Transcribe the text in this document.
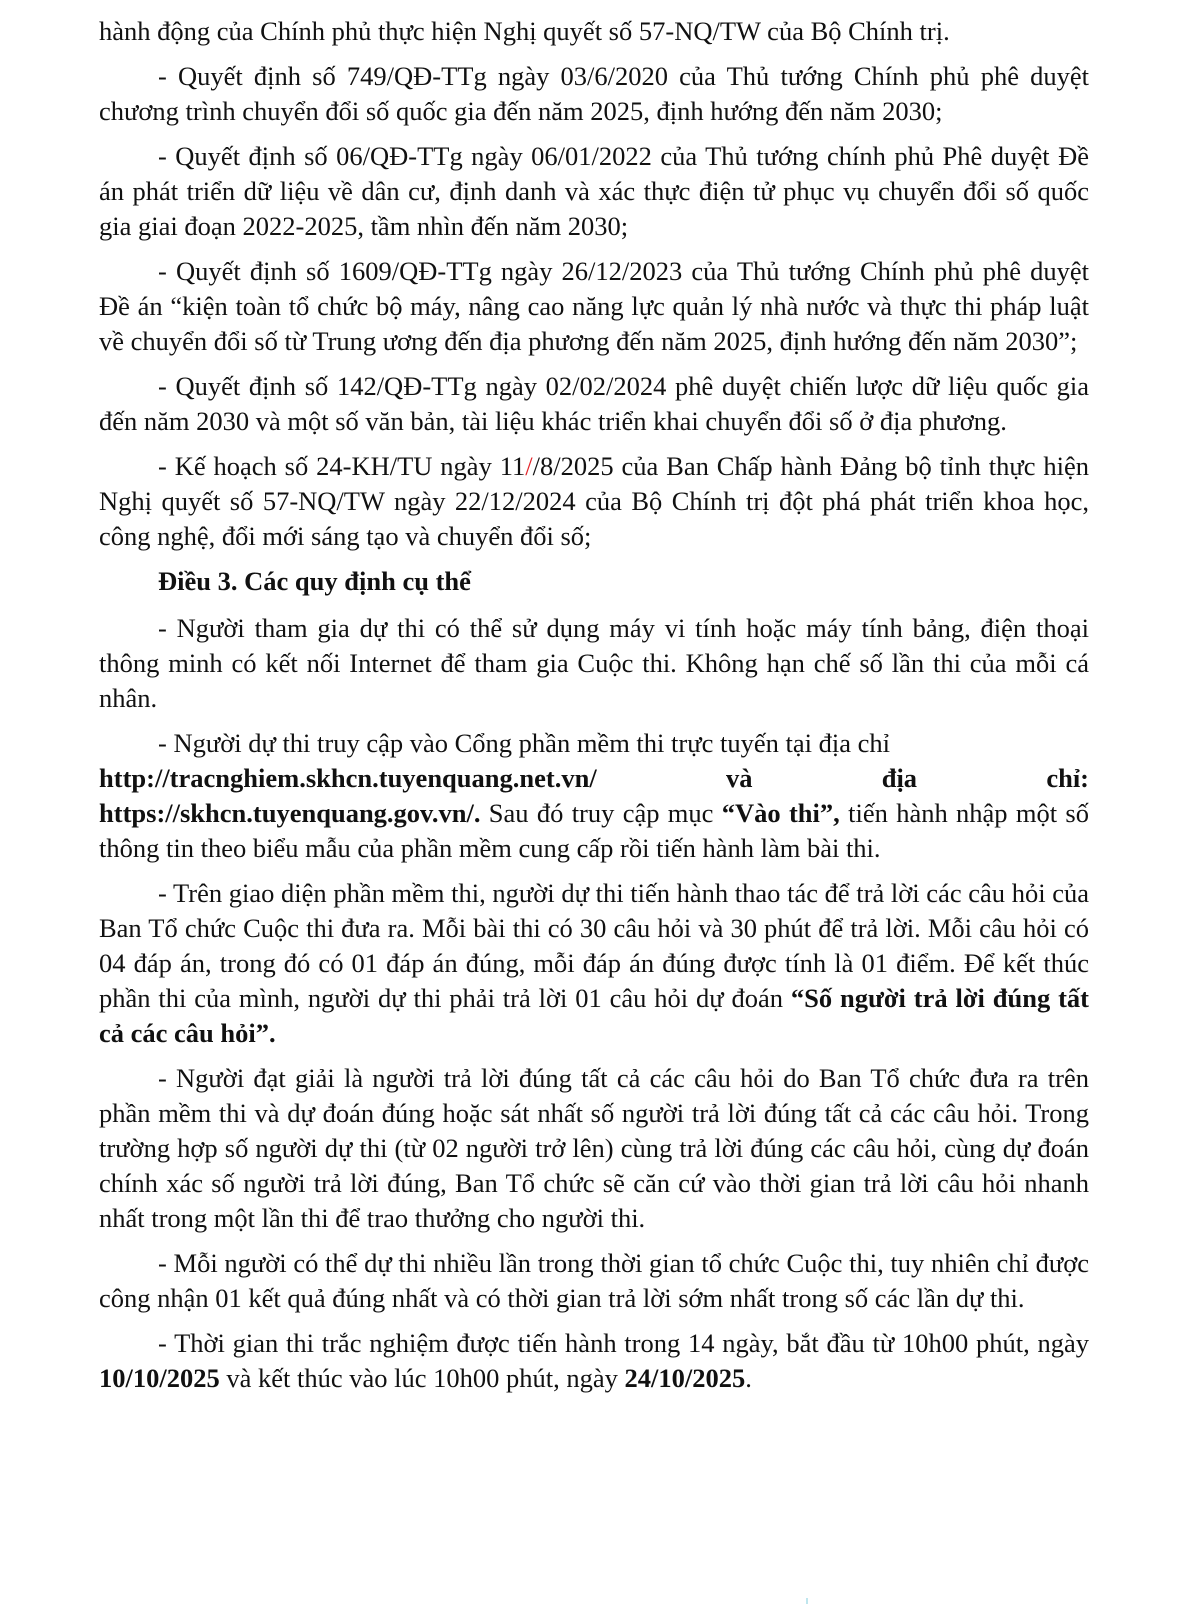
hành động của Chính phủ thực hiện Nghị quyết số 57-NQ/TW của Bộ Chính trị.

- Quyết định số 749/QĐ-TTg ngày 03/6/2020 của Thủ tướng Chính phủ phê duyệt chương trình chuyển đổi số quốc gia đến năm 2025, định hướng đến năm 2030;

- Quyết định số 06/QĐ-TTg ngày 06/01/2022 của Thủ tướng chính phủ Phê duyệt Đề án phát triển dữ liệu về dân cư, định danh và xác thực điện tử phục vụ chuyển đổi số quốc gia giai đoạn 2022-2025, tầm nhìn đến năm 2030;

- Quyết định số 1609/QĐ-TTg ngày 26/12/2023 của Thủ tướng Chính phủ phê duyệt Đề án “kiện toàn tổ chức bộ máy, nâng cao năng lực quản lý nhà nước và thực thi pháp luật về chuyển đổi số từ Trung ương đến địa phương đến năm 2025, định hướng đến năm 2030”;

- Quyết định số 142/QĐ-TTg ngày 02/02/2024 phê duyệt chiến lược dữ liệu quốc gia đến năm 2030 và một số văn bản, tài liệu khác triển khai chuyển đổi số ở địa phương.

- Kế hoạch số 24-KH/TU ngày 11//8/2025 của Ban Chấp hành Đảng bộ tỉnh thực hiện Nghị quyết số 57-NQ/TW ngày 22/12/2024 của Bộ Chính trị đột phá phát triển khoa học, công nghệ, đổi mới sáng tạo và chuyển đổi số;

Điều 3. Các quy định cụ thể

- Người tham gia dự thi có thể sử dụng máy vi tính hoặc máy tính bảng, điện thoại thông minh có kết nối Internet để tham gia Cuộc thi. Không hạn chế số lần thi của mỗi cá nhân.

- Người dự thi truy cập vào Cổng phần mềm thi trực tuyến tại địa chỉ

http://tracnghiem.skhcn.tuyenquang.net.vn/	và	địa	chỉ:

https://skhcn.tuyenquang.gov.vn/. Sau đó truy cập mục “Vào thi”, tiến hành nhập một số thông tin theo biểu mẫu của phần mềm cung cấp rồi tiến hành làm bài thi.

- Trên giao diện phần mềm thi, người dự thi tiến hành thao tác để trả lời các câu hỏi của Ban Tổ chức Cuộc thi đưa ra. Mỗi bài thi có 30 câu hỏi và 30 phút để trả lời. Mỗi câu hỏi có 04 đáp án, trong đó có 01 đáp án đúng, mỗi đáp án đúng được tính là 01 điểm. Để kết thúc phần thi của mình, người dự thi phải trả lời 01 câu hỏi dự đoán “Số người trả lời đúng tất cả các câu hỏi”.

- Người đạt giải là người trả lời đúng tất cả các câu hỏi do Ban Tổ chức đưa ra trên phần mềm thi và dự đoán đúng hoặc sát nhất số người trả lời đúng tất cả các câu hỏi. Trong trường hợp số người dự thi (từ 02 người trở lên) cùng trả lời đúng các câu hỏi, cùng dự đoán chính xác số người trả lời đúng, Ban Tổ chức sẽ căn cứ vào thời gian trả lời câu hỏi nhanh nhất trong một lần thi để trao thưởng cho người thi.

- Mỗi người có thể dự thi nhiều lần trong thời gian tổ chức Cuộc thi, tuy nhiên chỉ được công nhận 01 kết quả đúng nhất và có thời gian trả lời sớm nhất trong số các lần dự thi.

- Thời gian thi trắc nghiệm được tiến hành trong 14 ngày, bắt đầu từ 10h00 phút, ngày 10/10/2025 và kết thúc vào lúc 10h00 phút, ngày 24/10/2025.
